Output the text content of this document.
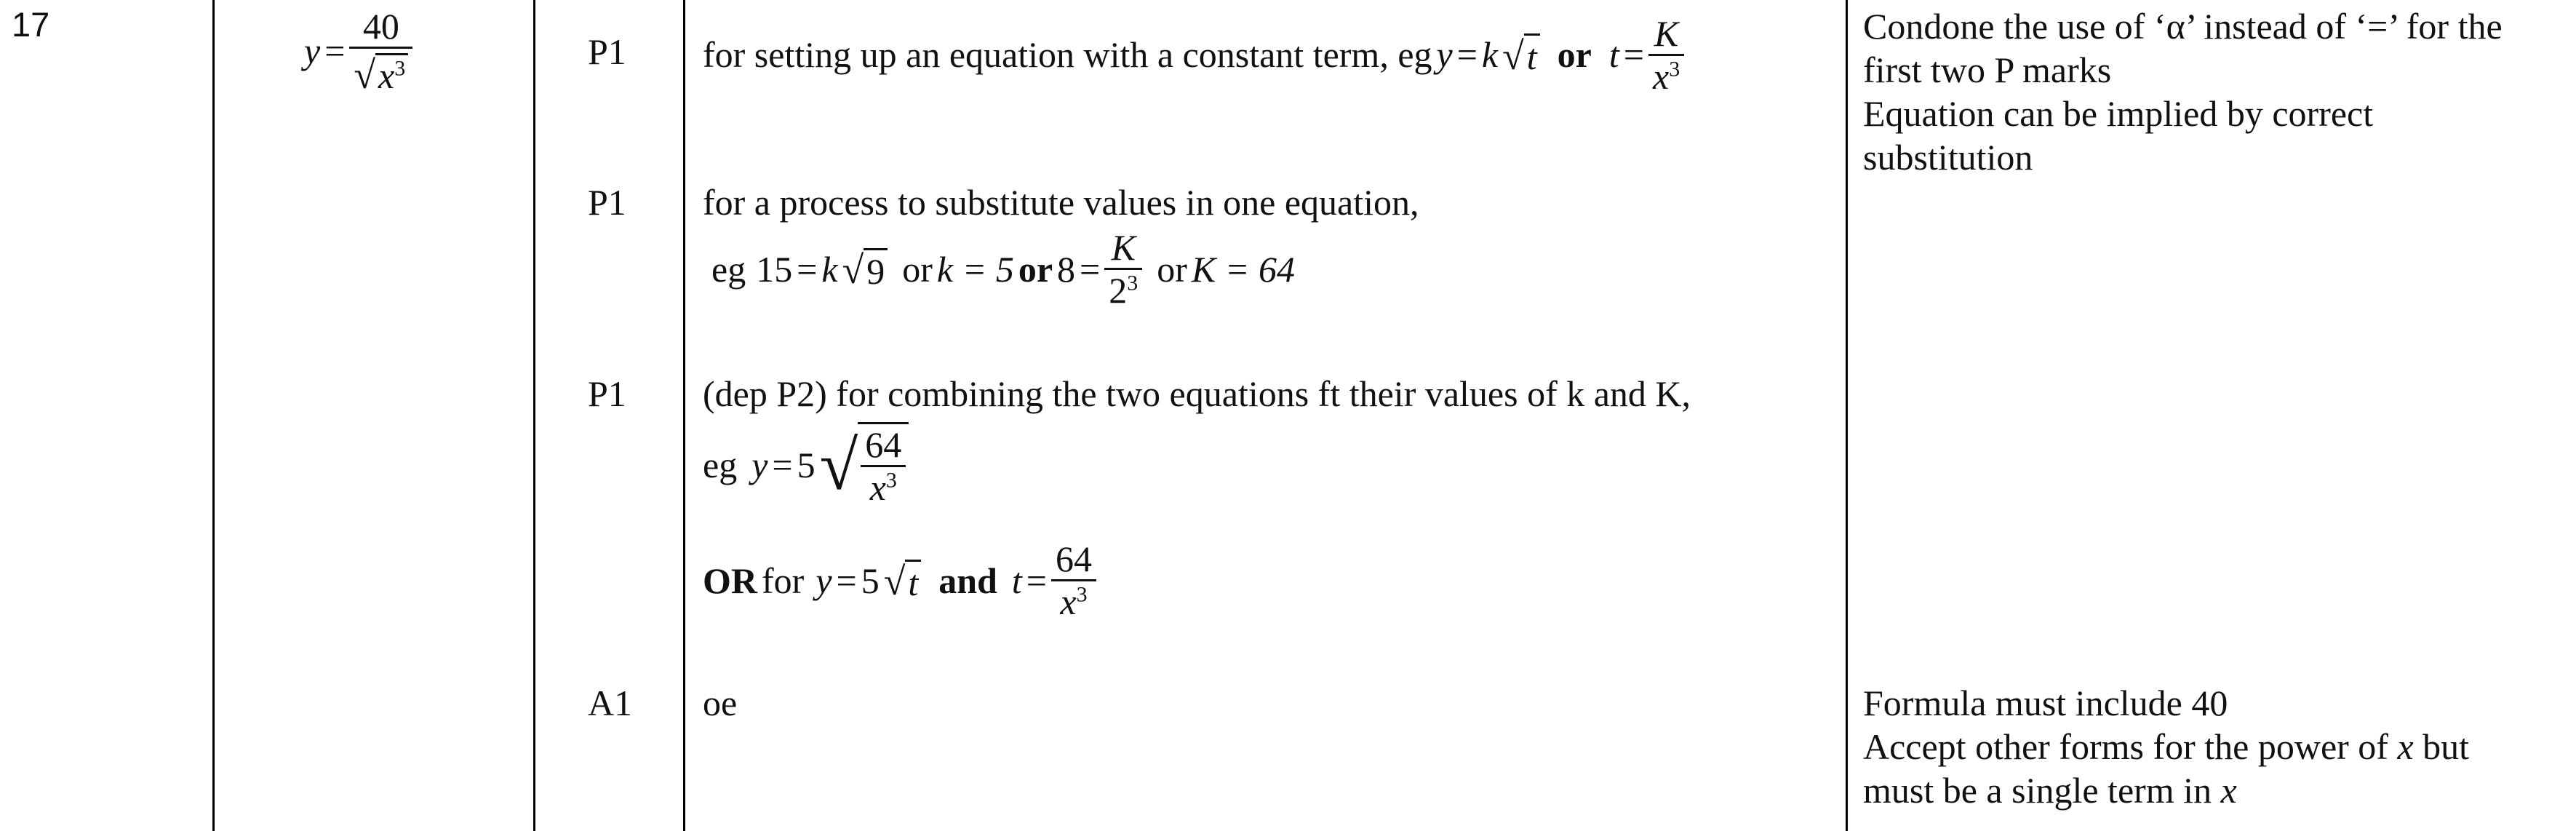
17
$y = \frac{40}{√x^3}$	P1 for setting up an equation with a constant term, eg y = k √t or $t = \frac{K}{x^3}$
P1 for a process to substitute values in one equation,
eg 15 = k √9 or k = 5 or $8 = \frac{K}{2^3}$ or K = 64
P1 (dep P2) for combining the two equations ft their values of k and K,
eg y = 5 √ $\frac{64}{x^3}$
OR for y = 5 √t and $t = \frac{64}{x^3}$
A1 oe
Condone the use of ‘α’ instead of ‘=’ for the
first two P marks
Equation can be implied by correct
substitution
Formula must include 40
Accept other forms for the power of x but
must be a single term in x
